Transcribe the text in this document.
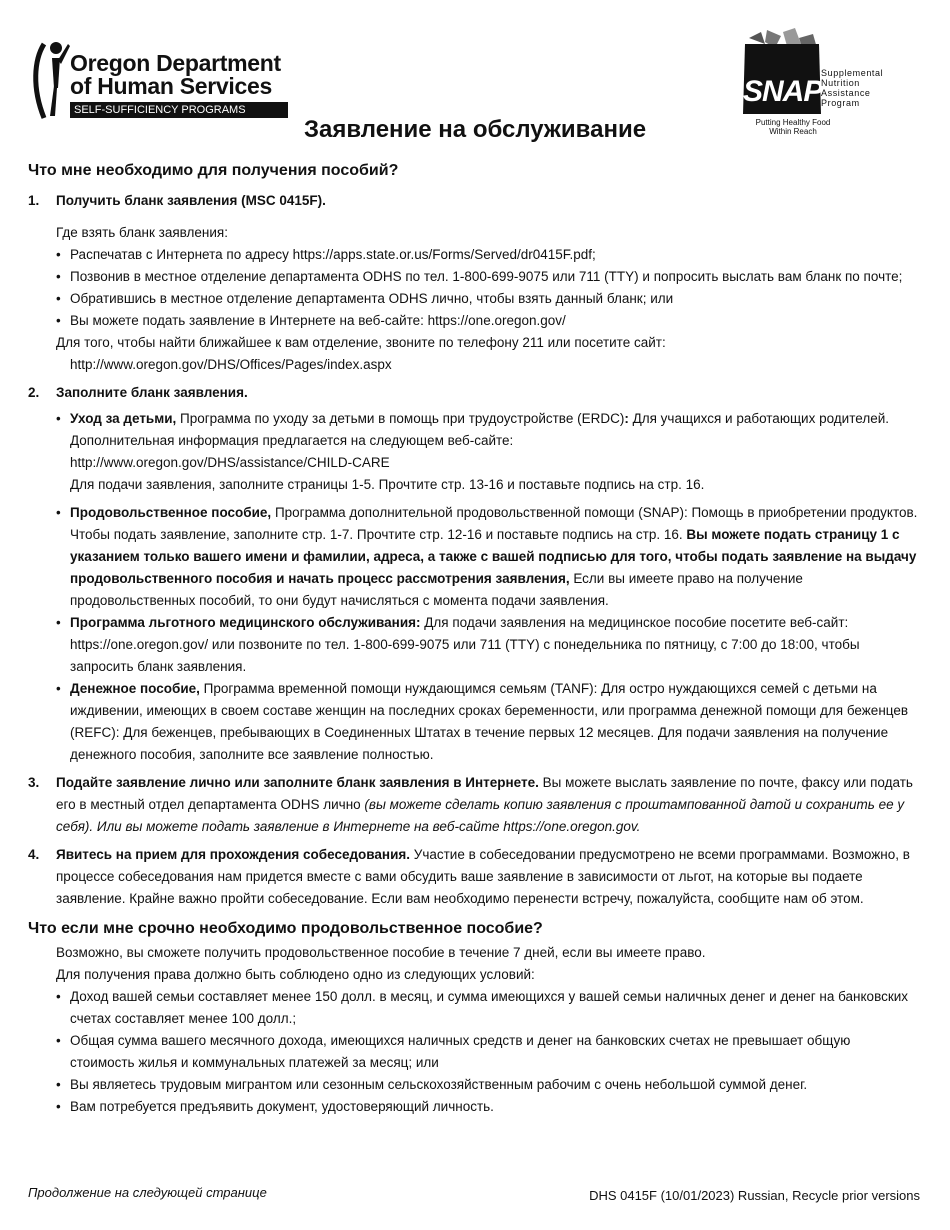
Oregon Department
of Human Services
SELF-SUFFICIENCY PROGRAMS
SNAP
Supplemental
Nutrition
Assistance
Program
Putting Healthy Food
Within Reach
Заявление на обслуживание
Что мне необходимо для получения пособий?
1. Получить бланк заявления (MSC 0415F).

Где взять бланк заявления:

• Распечатав с Интернета по адресу https://apps.state.or.us/Forms/Served/dr0415F.pdf;
• Позвонив в местное отделение департамента ODHS по тел. 1-800-699-9075 или 711 (TTY) и попросить выслать вам бланк по почте;
• Обратившись в местное отделение департамента ODHS лично, чтобы взять данный бланк; или
• Вы можете подать заявление в Интернете на веб-сайте: https://one.oregon.gov/

Для того, чтобы найти ближайшее к вам отделение, звоните по телефону 211 или посетите сайт:

http://www.oregon.gov/DHS/Offices/Pages/index.aspx

2. Заполните бланк заявления.

• Уход за детьми, Программа по уходу за детьми в помощь при трудоустройстве (ERDC): Для учащихся и работающих родителей.
Дополнительная информация предлагается на следующем веб-сайте:
http://www.oregon.gov/DHS/assistance/CHILD-CARE
Для подачи заявления, заполните страницы 1-5. Прочтите стр. 13-16 и поставьте подпись на стр. 16.
• Продовольственное пособие, Программа дополнительной продовольственной помощи (SNAP): Помощь в приобретении продуктов. Чтобы подать заявление, заполните стр. 1-7. Прочтите стр. 12-16 и поставьте подпись на стр. 16. Вы можете подать страницу 1 с указанием только вашего имени и фамилии, адреса, а также с вашей подписью для того, чтобы подать заявление на выдачу продовольственного пособия и начать процесс рассмотрения заявления, Если вы имеете право на получение продовольственных пособий, то они будут начисляться с момента подачи заявления.
• Программа льготного медицинского обслуживания: Для подачи заявления на медицинское пособие посетите веб-сайт: https://one.oregon.gov/ или позвоните по тел. 1-800-699-9075 или 711 (TTY) с понедельника по пятницу, с 7:00 до 18:00, чтобы запросить бланк заявления.
• Денежное пособие, Программа временной помощи нуждающимся семьям (TANF): Для остро нуждающихся семей с детьми на иждивении, имеющих в своем составе женщин на последних сроках беременности, или программа денежной помощи для беженцев (REFC): Для беженцев, пребывающих в Соединенных Штатах в течение первых 12 месяцев. Для подачи заявления на получение денежного пособия, заполните все заявление полностью.
3. Подайте заявление лично или заполните бланк заявления в Интернете. Вы можете выслать заявление по почте, факсу или подать его в местный отдел департамента ODHS лично (вы можете сделать копию заявления с проштампованной датой и сохранить ее у себя). Или вы можете подать заявление в Интернете на веб-сайте https://one.oregon.gov.

4. Явитесь на прием для прохождения собеседования. Участие в собеседовании предусмотрено не всеми программами. Возможно, в процессе собеседования нам придется вместе с вами обсудить ваше заявление в зависимости от льгот, на которые вы подаете заявление. Крайне важно пройти собеседование. Если вам необходимо перенести встречу, пожалуйста, сообщите нам об этом.

Что если мне срочно необходимо продовольственное пособие?

Возможно, вы сможете получить продовольственное пособие в течение 7 дней, если вы имеете право.

Для получения права должно быть соблюдено одно из следующих условий:

• Доход вашей семьи составляет менее 150 долл. в месяц, и сумма имеющихся у вашей семьи наличных денег и денег на банковских счетах составляет менее 100 долл.;
• Общая сумма вашего месячного дохода, имеющихся наличных средств и денег на банковских счетах не превышает общую стоимость жилья и коммунальных платежей за месяц; или
• Вы являетесь трудовым мигрантом или сезонным сельскохозяйственным рабочим с очень небольшой суммой денег.
• Вам потребуется предъявить документ, удостоверяющий личность.
Продолжение на следующей странице	DHS 0415F (10/01/2023) Russian, Recycle prior versions
